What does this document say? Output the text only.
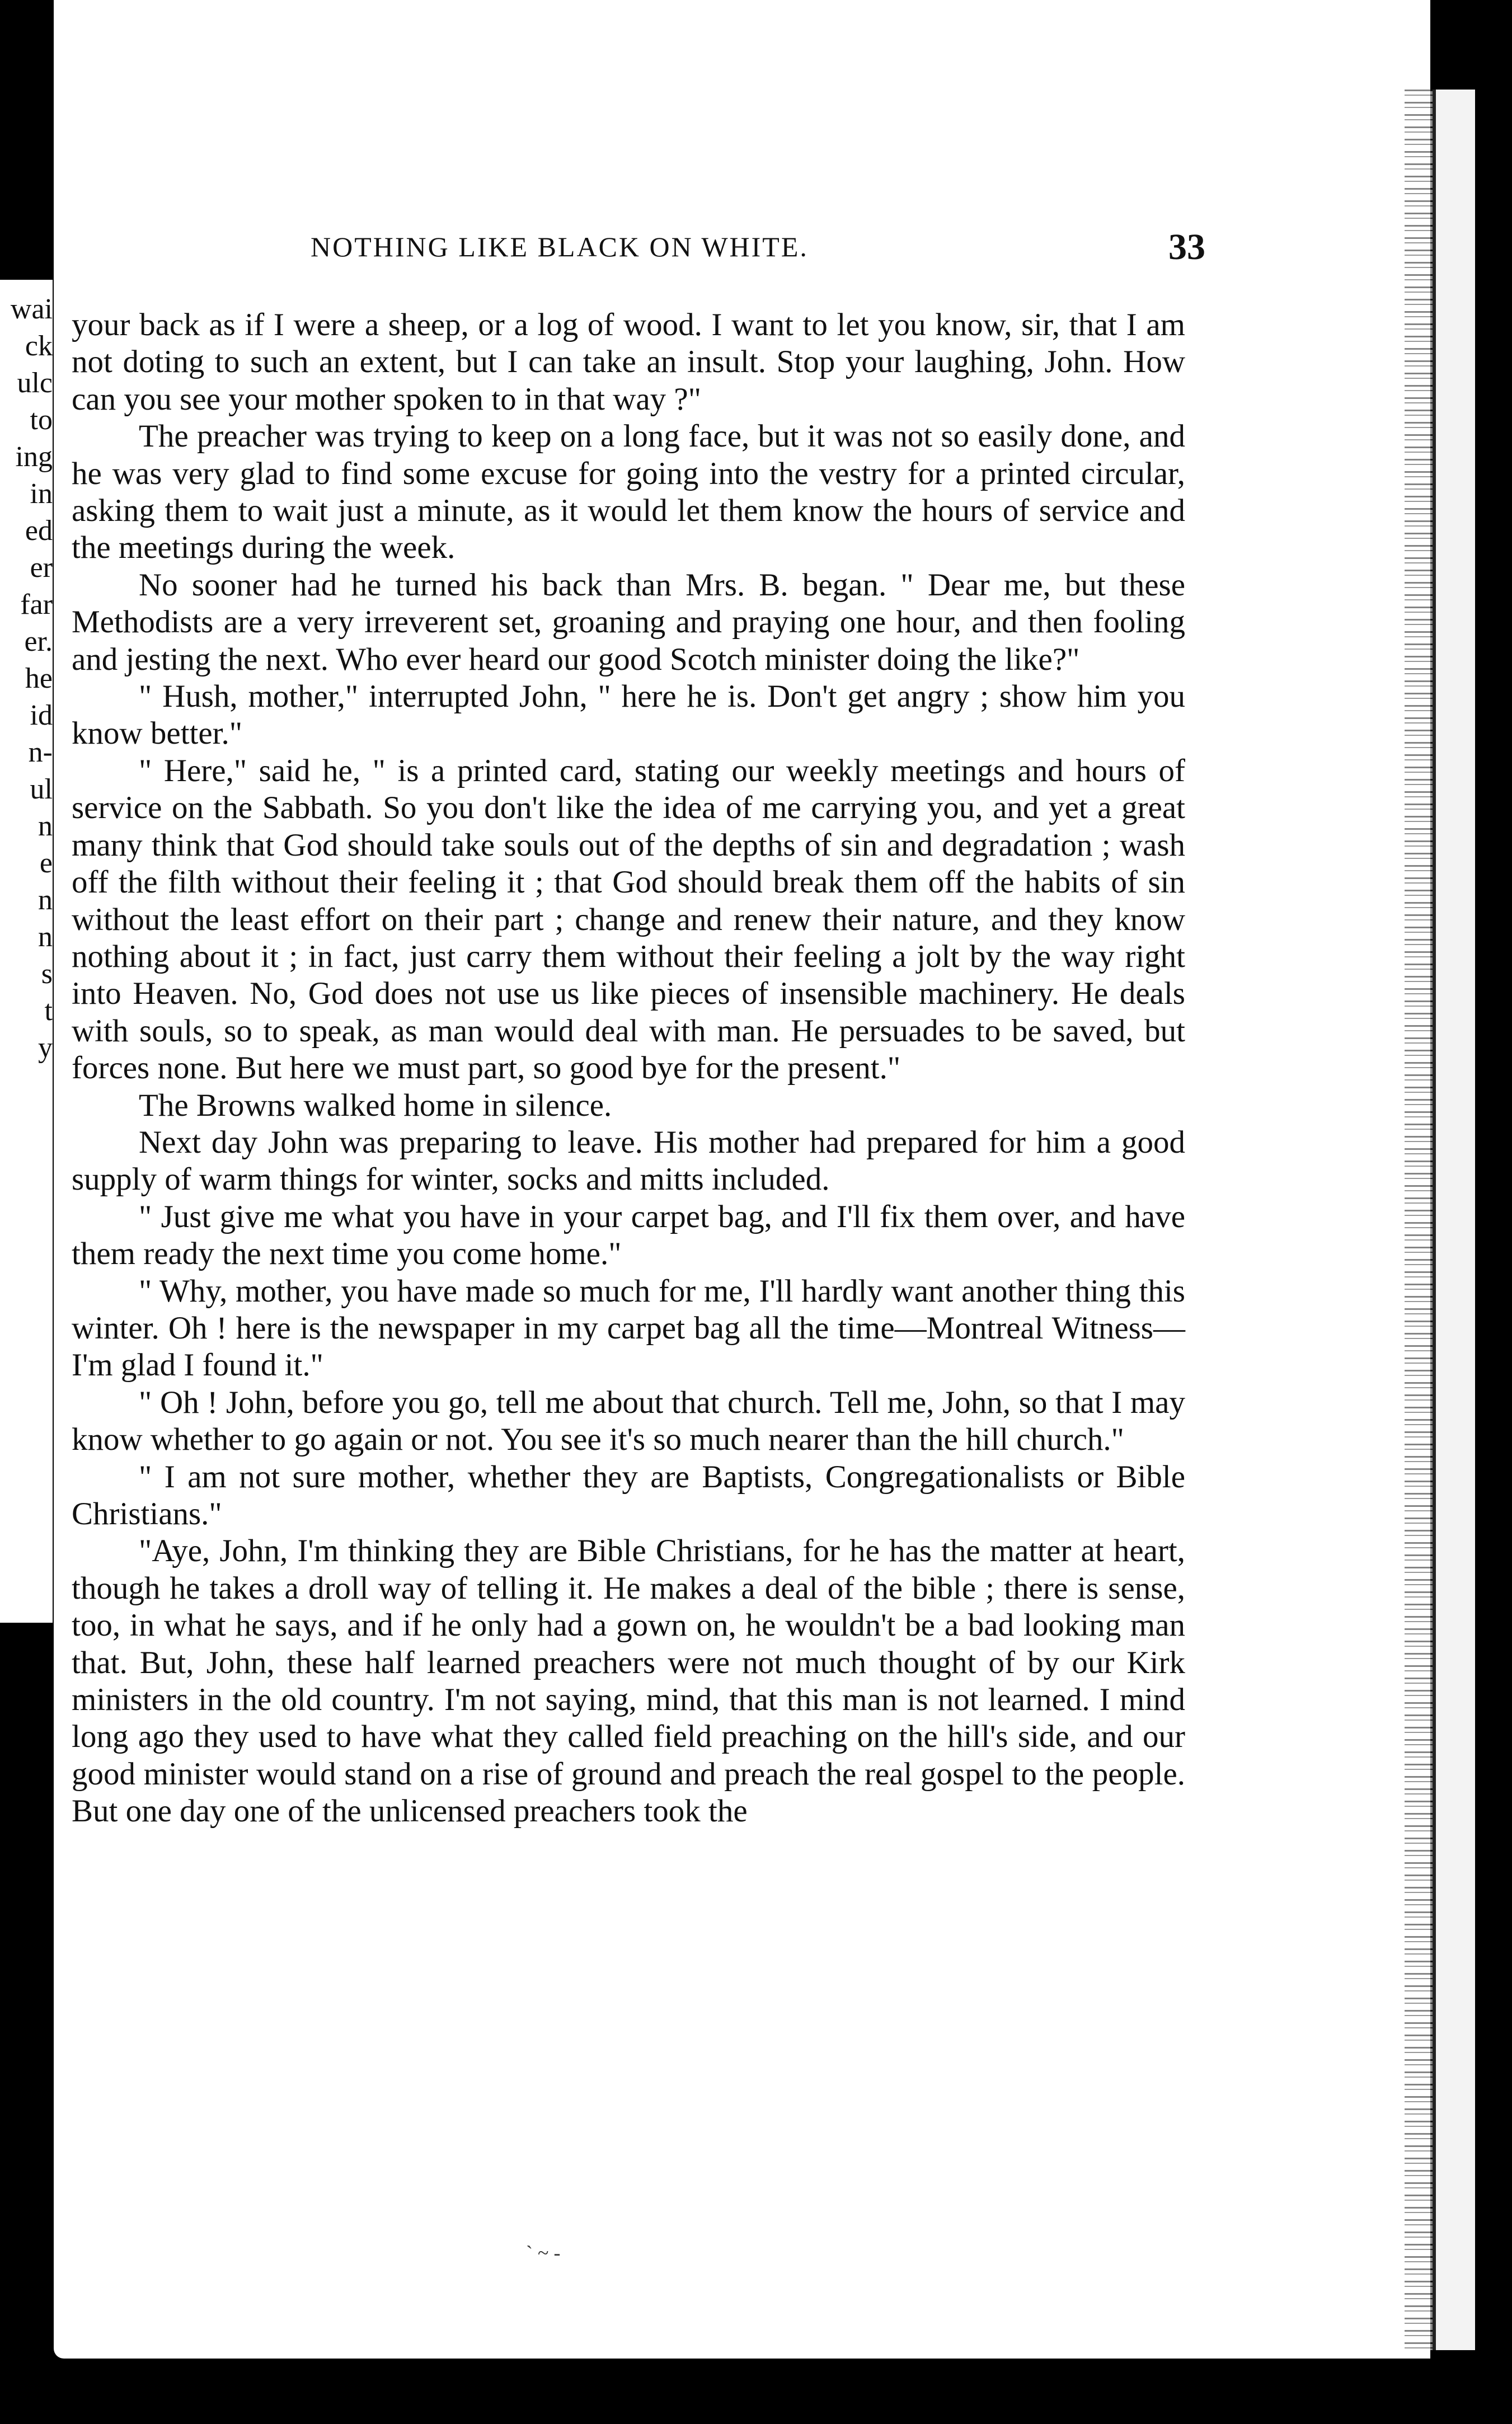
wai
ck
ulc
to
ing
in
ed
er
far
er.
he
id
n-
ul
n
e
n
n
s
t
y
NOTHING LIKE BLACK ON WHITE.	33

your back as if I were a sheep, or a log of wood. I want to let you know, sir, that I am not doting to such an extent, but I can take an insult. Stop your laughing, John. How can you see your mother spoken to in that way ?"

The preacher was trying to keep on a long face, but it was not so easily done, and he was very glad to find some excuse for going into the vestry for a printed circular, asking them to wait just a minute, as it would let them know the hours of service and the meetings during the week.

No sooner had he turned his back than Mrs. B. began. " Dear me, but these Methodists are a very irreverent set, groaning and praying one hour, and then fooling and jesting the next. Who ever heard our good Scotch minister doing the like?"

" Hush, mother," interrupted John, " here he is. Don't get angry ; show him you know better."

" Here," said he, " is a printed card, stating our weekly meetings and hours of service on the Sabbath. So you don't like the idea of me carrying you, and yet a great many think that God should take souls out of the depths of sin and degradation ; wash off the filth without their feeling it ; that God should break them off the habits of sin without the least effort on their part ; change and renew their nature, and they know nothing about it ; in fact, just carry them without their feeling a jolt by the way right into Heaven. No, God does not use us like pieces of insensible machinery. He deals with souls, so to speak, as man would deal with man. He persuades to be saved, but forces none. But here we must part, so good bye for the present."

The Browns walked home in silence.

Next day John was preparing to leave. His mother had prepared for him a good supply of warm things for winter, socks and mitts included.

" Just give me what you have in your carpet bag, and I'll fix them over, and have them ready the next time you come home."

" Why, mother, you have made so much for me, I'll hardly want another thing this winter. Oh ! here is the newspaper in my carpet bag all the time—Montreal Witness—I'm glad I found it."

" Oh ! John, before you go, tell me about that church. Tell me, John, so that I may know whether to go again or not. You see it's so much nearer than the hill church."

" I am not sure mother, whether they are Baptists, Congregationalists or Bible Christians."

"Aye, John, I'm thinking they are Bible Christians, for he has the matter at heart, though he takes a droll way of telling it. He makes a deal of the bible ; there is sense, too, in what he says, and if he only had a gown on, he wouldn't be a bad looking man that. But, John, these half learned preachers were not much thought of by our Kirk ministers in the old country. I'm not saying, mind, that this man is not learned. I mind long ago they used to have what they called field preaching on the hill's side, and our good minister would stand on a rise of ground and preach the real gospel to the people. But one day one of the unlicensed preachers took the

` ~ -
